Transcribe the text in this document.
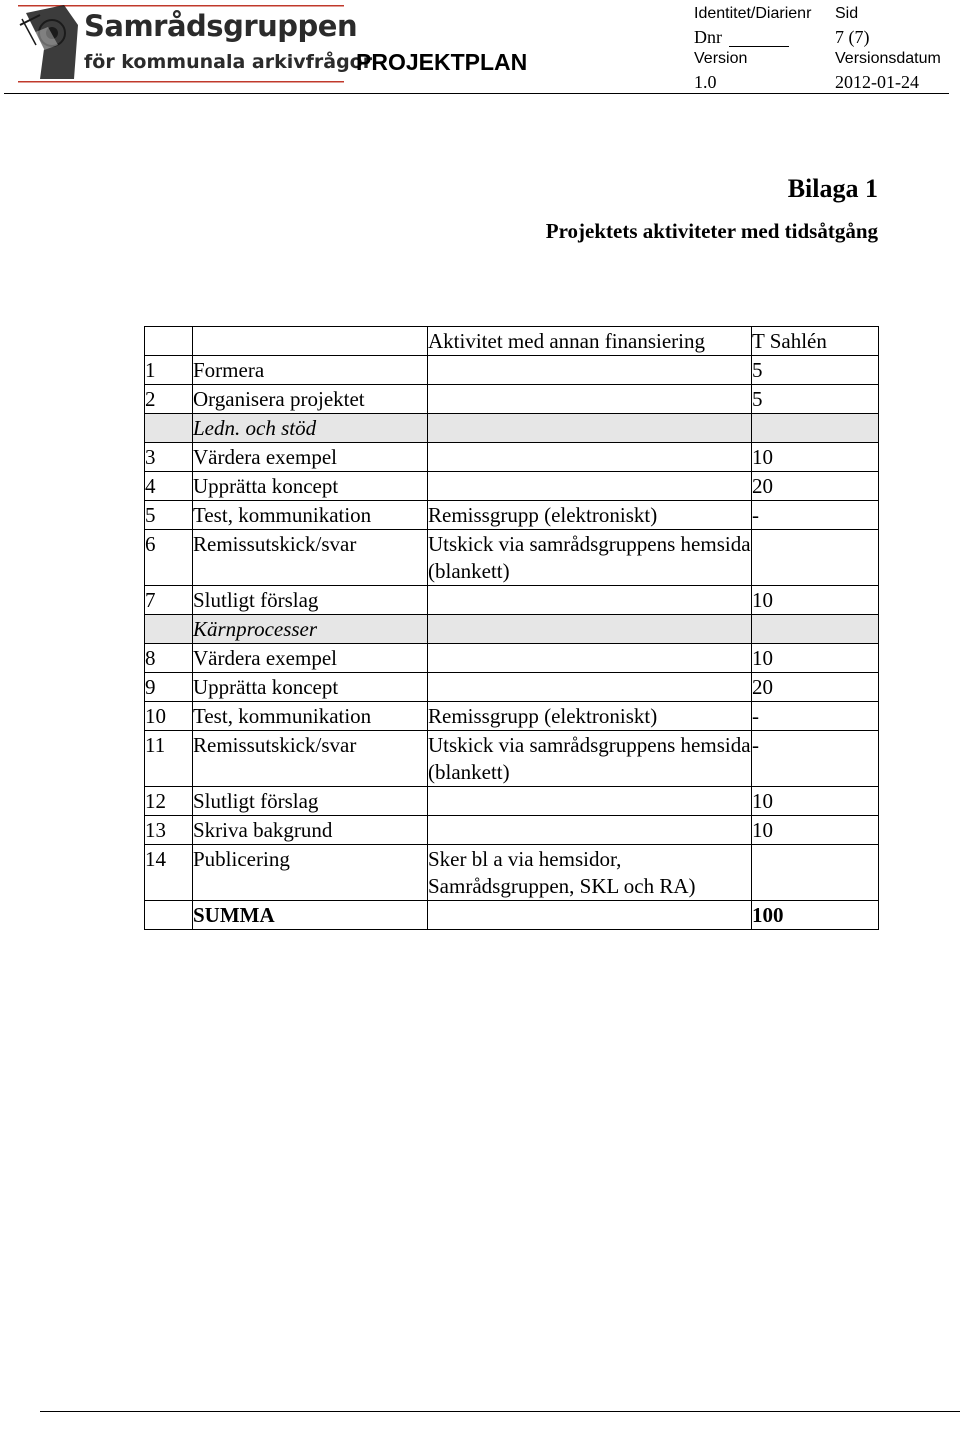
Samrådsgruppen
för kommunala arkivfrågor
PROJEKTPLAN
Identitet/Diarienr
Dnr
Version
1.0
Sid
7 (7)
Versionsdatum
2012-01-24
Bilaga 1
Projektets aktiviteter med tidsåtgång
		Aktivitet med annan finansiering	T Sahlén
1	Formera		5
2	Organisera projektet		5
	Ledn. och stöd		
3	Värdera exempel		10
4	Upprätta koncept		20
5	Test, kommunikation	Remissgrupp (elektroniskt)	-
6	Remissutskick/svar	Utskick via samrådsgruppens hemsida (blankett)	
7	Slutligt förslag		10
	Kärnprocesser		
8	Värdera exempel		10
9	Upprätta koncept		20
10	Test, kommunikation	Remissgrupp (elektroniskt)	-
11	Remissutskick/svar	Utskick via samrådsgruppens hemsida (blankett)	-
12	Slutligt förslag		10
13	Skriva bakgrund		10
14	Publicering	Sker bl a via hemsidor, Samrådsgruppen, SKL och RA)	
	SUMMA		100
